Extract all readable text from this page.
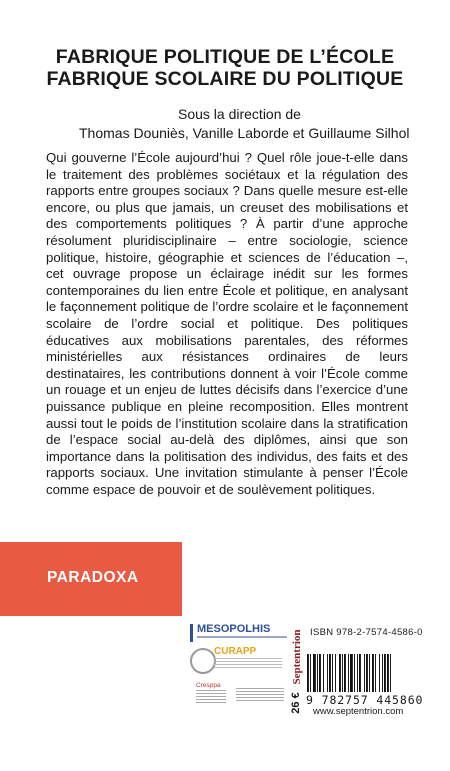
FABRIQUE POLITIQUE DE L’ÉCOLE
FABRIQUE SCOLAIRE DU POLITIQUE
Sous la direction de
Thomas Douniès, Vanille Laborde et Guillaume Silhol
Qui gouverne l’École aujourd’hui ? Quel rôle joue-t-elle dans le traitement des problèmes sociétaux et la régulation des rapports entre groupes sociaux ? Dans quelle mesure est-elle encore, ou plus que jamais, un creuset des mobilisations et des comportements politiques ? À partir d’une approche résolument pluridisciplinaire – entre sociologie, science politique, histoire, géographie et sciences de l’éducation –, cet ouvrage propose un éclairage inédit sur les formes contemporaines du lien entre École et politique, en analysant le façonnement politique de l’ordre scolaire et le façonnement scolaire de l’ordre social et politique. Des politiques éducatives aux mobilisations parentales, des réformes ministérielles aux résistances ordinaires de leurs destinataires, les contributions donnent à voir l’École comme un rouage et un enjeu de luttes décisifs dans l’exercice d’une puissance publique en pleine recomposition. Elles montrent aussi tout le poids de l’institution scolaire dans la stratification de l’espace social au-delà des diplômes, ainsi que son importance dans la politisation des individus, des faits et des rapports sociaux. Une invitation stimulante à penser l’École comme espace de pouvoir et de soulèvement politiques.
PARADOXA
MESOPOLHIS
CURAPP
Cresppa
Septentrion
26 €
ISBN 978-2-7574-4586-0
9 782757 445860
www.septentrion.com
